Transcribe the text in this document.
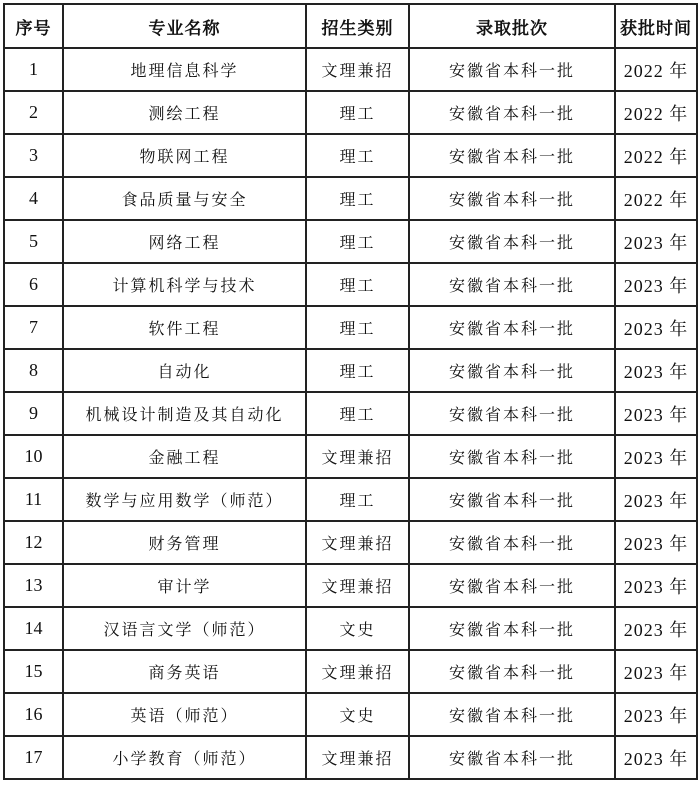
序号	专业名称	招生类别	录取批次	获批时间
1	地理信息科学	文理兼招	安徽省本科一批	2022 年
2	测绘工程	理工	安徽省本科一批	2022 年
3	物联网工程	理工	安徽省本科一批	2022 年
4	食品质量与安全	理工	安徽省本科一批	2022 年
5	网络工程	理工	安徽省本科一批	2023 年
6	计算机科学与技术	理工	安徽省本科一批	2023 年
7	软件工程	理工	安徽省本科一批	2023 年
8	自动化	理工	安徽省本科一批	2023 年
9	机械设计制造及其自动化	理工	安徽省本科一批	2023 年
10	金融工程	文理兼招	安徽省本科一批	2023 年
11	数学与应用数学（师范）	理工	安徽省本科一批	2023 年
12	财务管理	文理兼招	安徽省本科一批	2023 年
13	审计学	文理兼招	安徽省本科一批	2023 年
14	汉语言文学（师范）	文史	安徽省本科一批	2023 年
15	商务英语	文理兼招	安徽省本科一批	2023 年
16	英语（师范）	文史	安徽省本科一批	2023 年
17	小学教育（师范）	文理兼招	安徽省本科一批	2023 年
